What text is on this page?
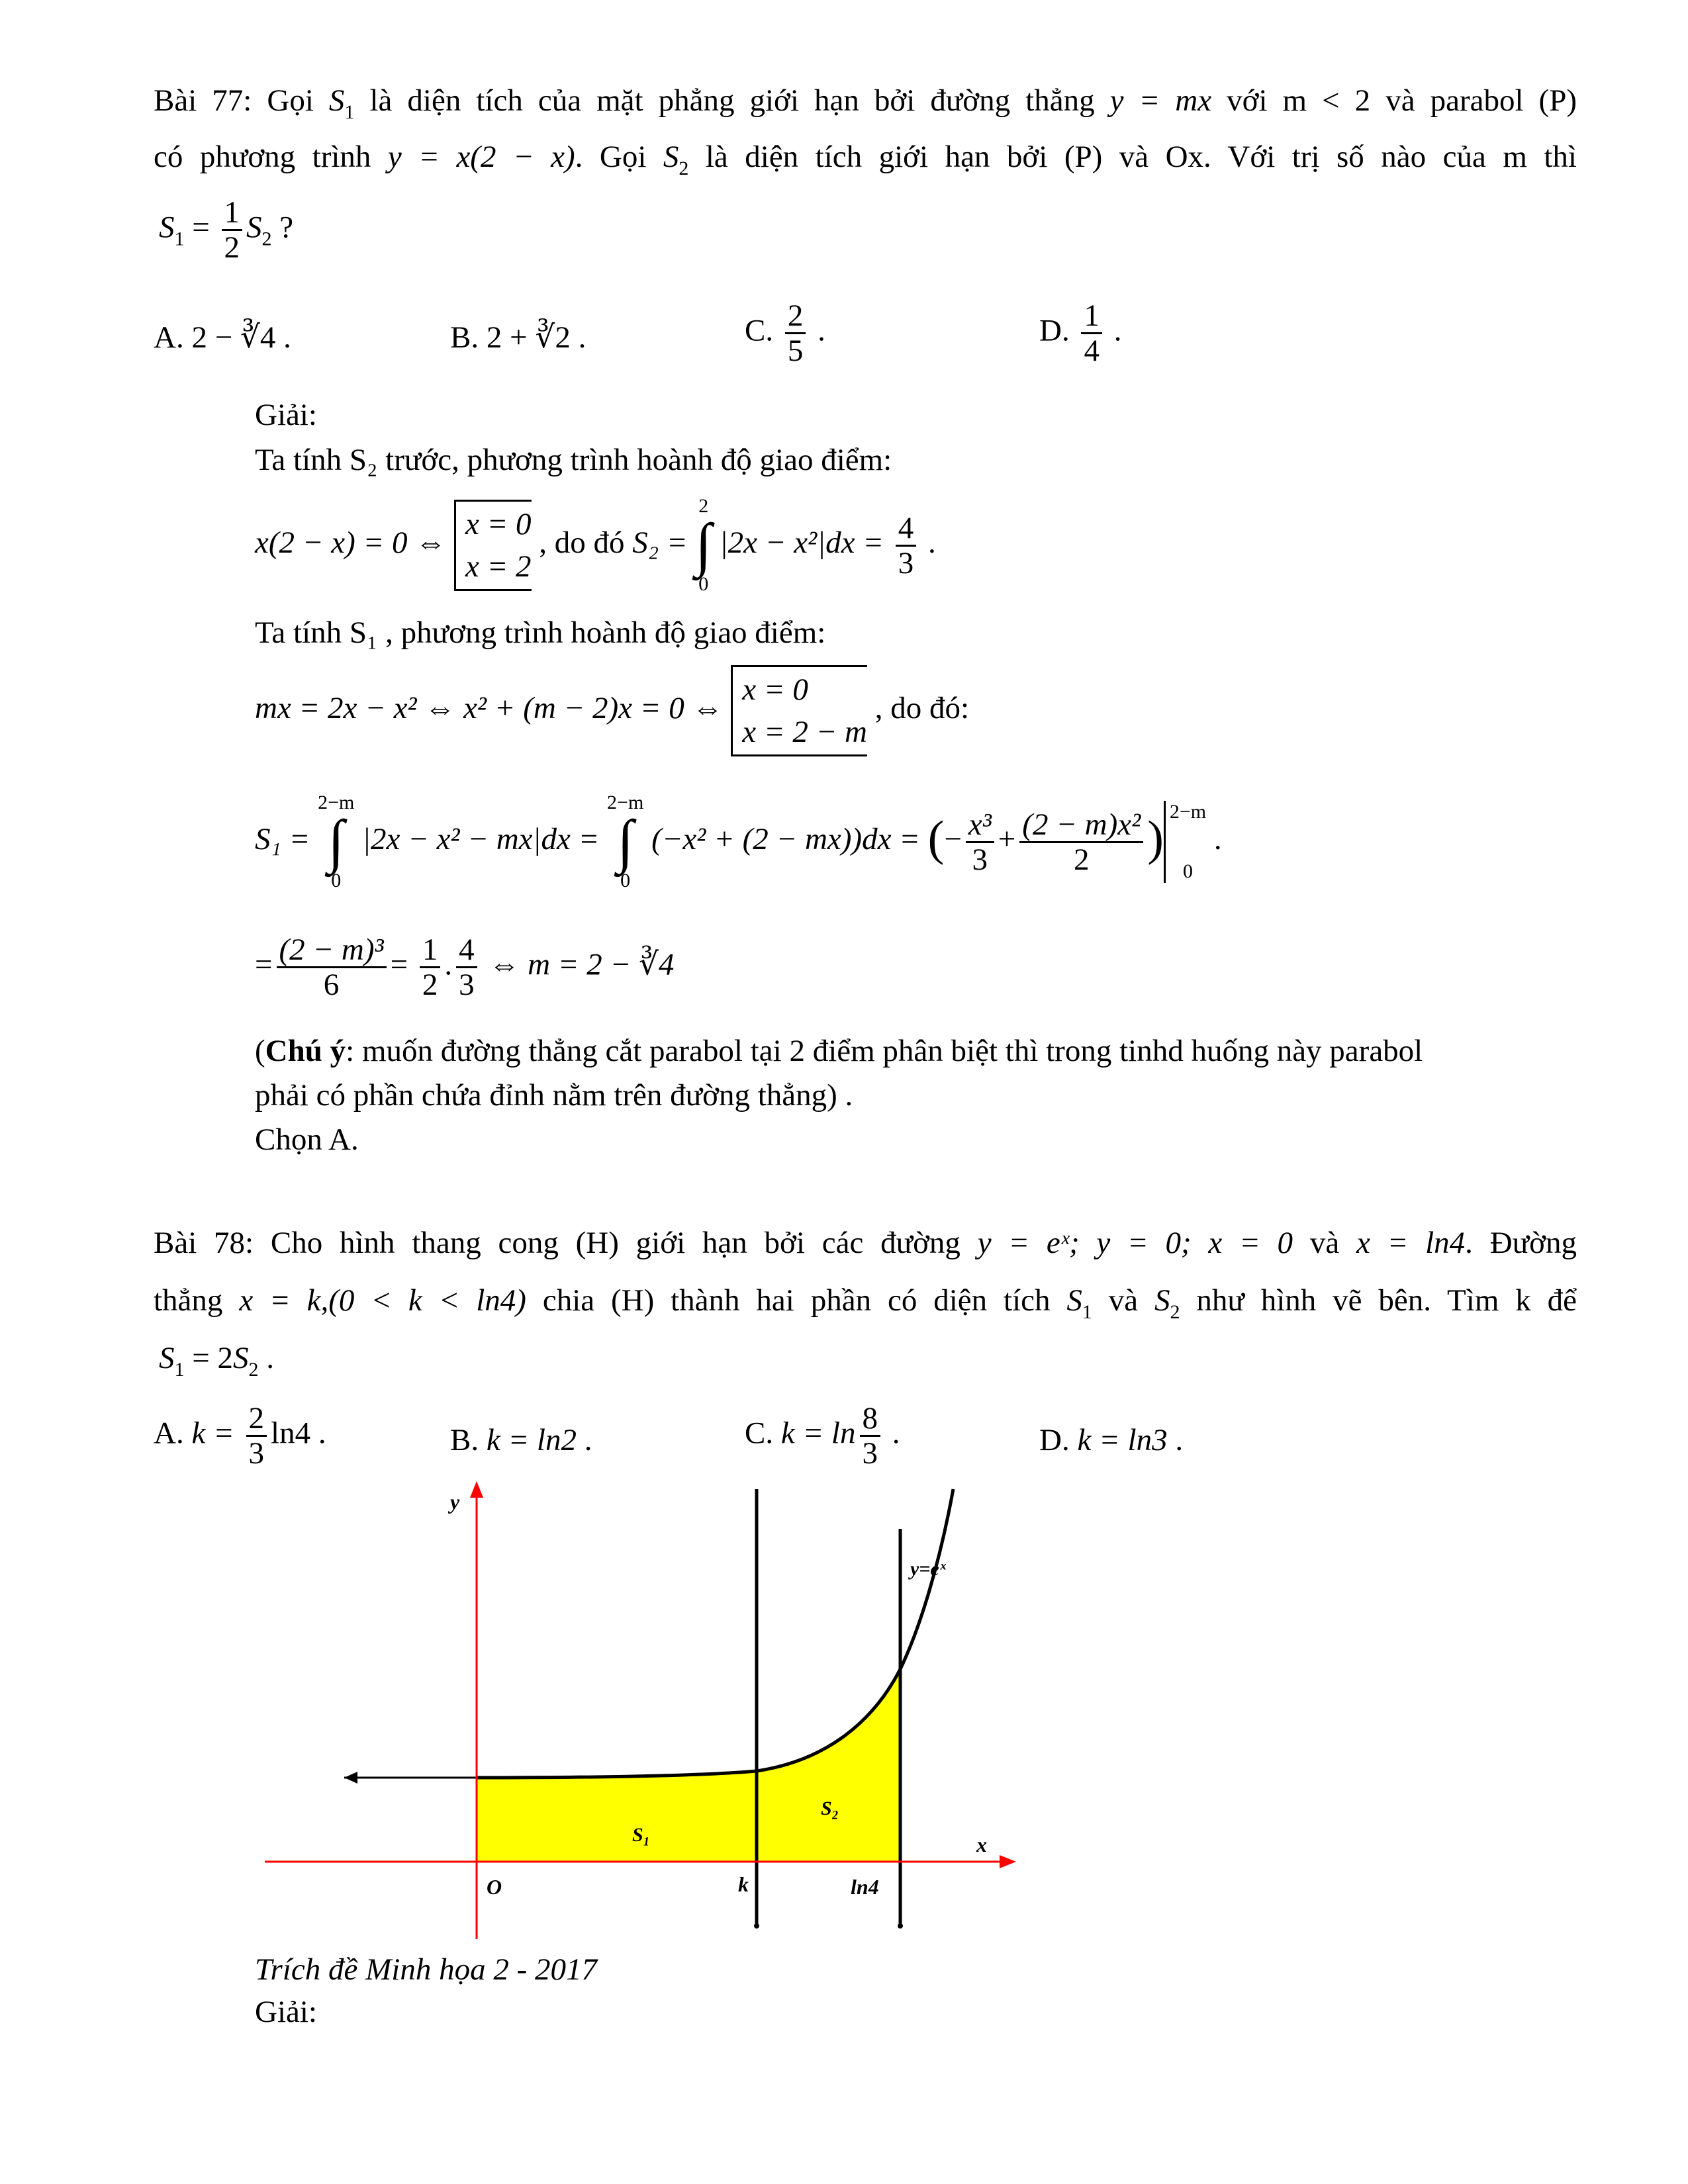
Bài 77: Gọi $S_1$ là diện tích của mặt phẳng giới hạn bởi đường thẳng y = mx với m < 2 và parabol (P)
có phương trình y = x(2 − x). Gọi $S_2$ là diện tích giới hạn bởi (P) và Ox. Với trị số nào của m thì
$S_1 = \frac{1}{2} S_2$ ?
A. 2 − ∛4 .	B. 2 + ∛2 .	C. $\frac{2}{5}$ .	D. $\frac{1}{4}$ .
Giải:
Ta tính S₂ trước, phương trình hoành độ giao điểm:
x(2 − x) = 0 ⇔
x = 0
x = 2
, do đó S₂ = 2
∫
0 $|2x - x^2|dx = \frac{4}{3}$ .
Ta tính S₁ , phương trình hoành độ giao điểm:
mx = 2x − x² ⇔ x² + (m − 2)x = 0 ⇔
x = 0
x = 2 − m
, do đó:
S₁ = 2−m
∫
0 |2x − x² − mx|dx = 2−m
∫
0 (−x² + (2 − mx))dx = (− $\frac{\text{x³}}{3} + \frac{\text{(2 − m)x²}}{2}$ ) 2−m
0 .
= $\frac{\text{(2 − m)³}}{6} = \frac{1}{2}$ . $\frac{4}{3}$ ⇔ m = 2 − ∛4
(Chú ý: muốn đường thẳng cắt parabol tại 2 điểm phân biệt thì trong tinhd huống này parabol
phải có phần chứa đỉnh nằm trên đường thẳng) .
Chọn A.
Bài 78: Cho hình thang cong (H) giới hạn bởi các đường y = eˣ; y = 0; x = 0 và x = ln4. Đường
thẳng x = k,(0 < k < ln4) chia (H) thành hai phần có diện tích $S_1$ và $S_2$ như hình vẽ bên. Tìm k để
$S_1 = 2S_2$ .
A. $k = \frac{2}{3} \ln 4$ .	B. k = ln2 .	C. $k = \ln \frac{8}{3}$ .	D. k = ln3 .
y
x
O	k	ln4
S₁
S₂
y=eˣ
Trích đề Minh họa 2 - 2017
Giải:
